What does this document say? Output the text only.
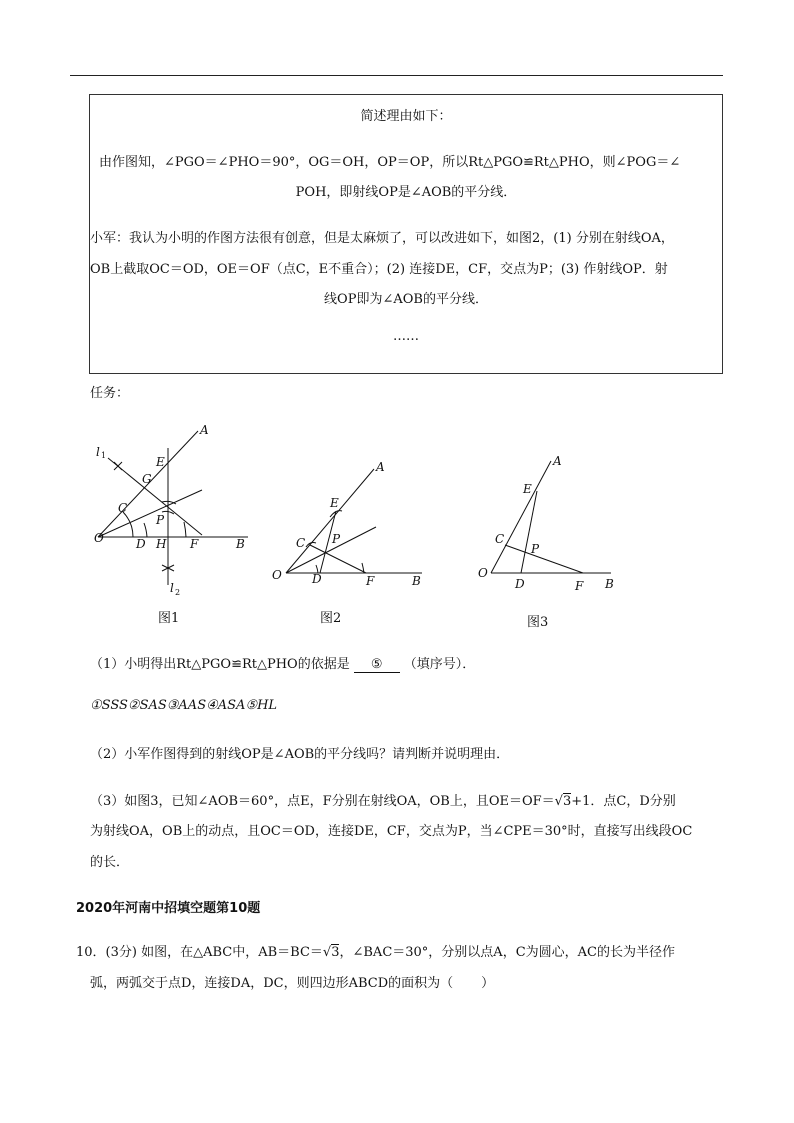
简述理由如下：
由作图知，∠PGO＝∠PHO＝90°，OG＝OH，OP＝OP，所以Rt△PGO≌Rt△PHO，则∠POG＝∠
POH，即射线OP是∠AOB的平分线．
小军：我认为小明的作图方法很有创意，但是太麻烦了，可以改进如下，如图2，(1) 分别在射线OA，
OB上截取OC＝OD，OE＝OF（点C，E不重合）；(2) 连接DE，CF，交点为P；(3) 作射线OP．射
线OP即为∠AOB的平分线．
……
任务：
A
E
G
C
P
O	D H F	B
l 1
l 2
图1
A
E
C P
O	D	F	B
图2
A
E
C
P
O
D	F B
图3
（1）小明得出Rt△PGO≌Rt△PHO的依据是 ⑤ （填序号）．
①SSS②SAS③AAS④ASA⑤HL
（2）小军作图得到的射线OP是∠AOB的平分线吗？请判断并说明理由．
（3）如图3，已知∠AOB＝60°，点E，F分别在射线OA，OB上，且OE＝OF＝√3+1．点C，D分别
为射线OA，OB上的动点，且OC＝OD，连接DE，CF，交点为P，当∠CPE＝30°时，直接写出线段OC
的长．
2020年河南中招填空题第10题
10．(3分) 如图，在△ABC中，AB＝BC＝√3，∠BAC＝30°，分别以点A，C为圆心，AC的长为半径作
弧，两弧交于点D，连接DA，DC，则四边形ABCD的面积为（ ）
